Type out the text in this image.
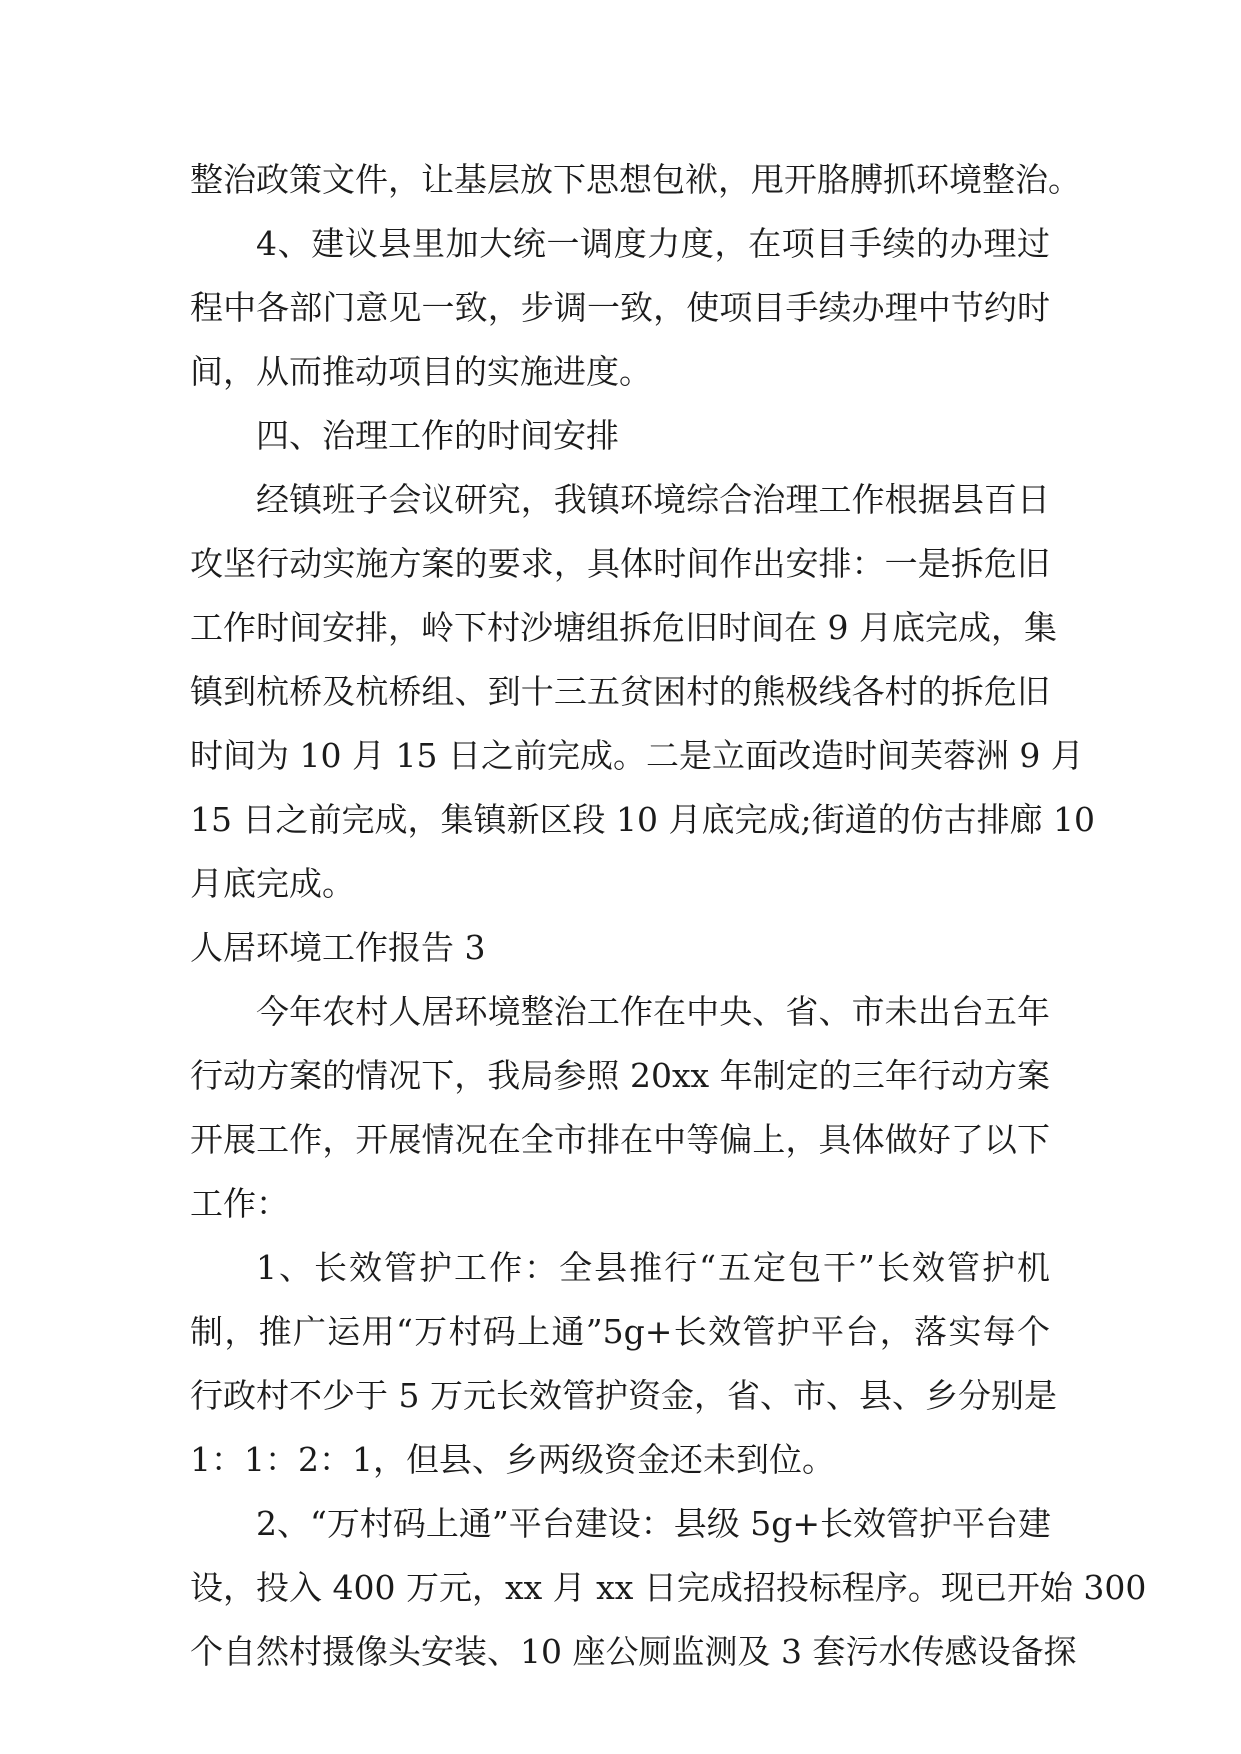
整治政策文件，让基层放下思想包袱，甩开胳膊抓环境整治。
4、建议县里加大统一调度力度，在项目手续的办理过
程中各部门意见一致，步调一致，使项目手续办理中节约时
间，从而推动项目的实施进度。
四、治理工作的时间安排
经镇班子会议研究，我镇环境综合治理工作根据县百日
攻坚行动实施方案的要求，具体时间作出安排：一是拆危旧
工作时间安排，岭下村沙塘组拆危旧时间在 9 月底完成，集
镇到杭桥及杭桥组、到十三五贫困村的熊极线各村的拆危旧
时间为 10 月 15 日之前完成。二是立面改造时间芙蓉洲 9 月
15 日之前完成，集镇新区段 10 月底完成;街道的仿古排廊 10
月底完成。
人居环境工作报告 3
今年农村人居环境整治工作在中央、省、市未出台五年
行动方案的情况下，我局参照 20xx 年制定的三年行动方案
开展工作，开展情况在全市排在中等偏上，具体做好了以下
工作：
1、长效管护工作：全县推行“五定包干”长效管护机
制，推广运用“万村码上通”5g+长效管护平台，落实每个
行政村不少于 5 万元长效管护资金，省、市、县、乡分别是
1：1：2：1，但县、乡两级资金还未到位。
2、“万村码上通”平台建设：县级 5g+长效管护平台建
设，投入 400 万元，xx 月 xx 日完成招投标程序。现已开始 300
个自然村摄像头安装、10 座公厕监测及 3 套污水传感设备探
